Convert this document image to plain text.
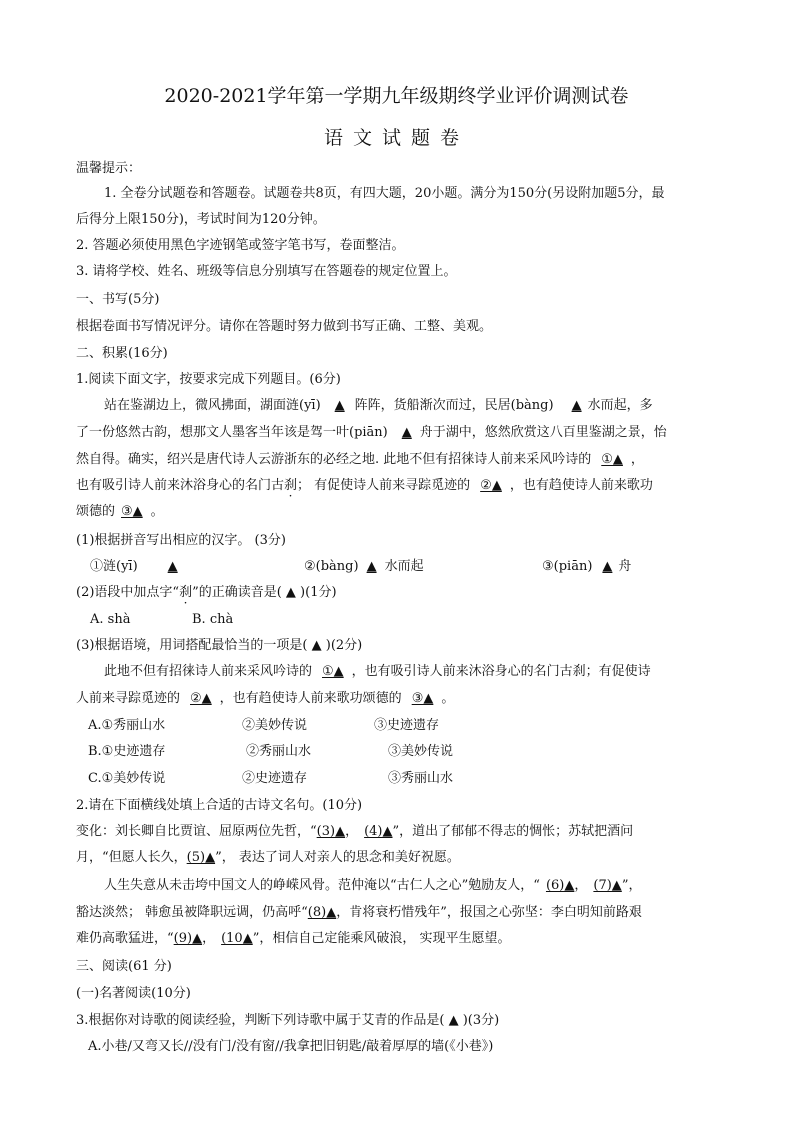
2020-2021学年第一学期九年级期终学业评价调测试卷
语文试题卷
温馨提示：
1. 全卷分试题卷和答题卷。试题卷共8页，有四大题，20小题。满分为150分(另设附加题5分，最
后得分上限150分)，考试时间为120分钟。
2. 答题必须使用黑色字迹钢笔或签字笔书写，卷面整洁。
3. 请将学校、姓名、班级等信息分别填写在答题卷的规定位置上。
一、书写(5分)
根据卷面书写情况评分。请你在答题时努力做到书写正确、工整、美观。
二、积累(16分)
1.阅读下面文字，按要求完成下列题目。(6分)
站在鉴湖边上，微风拂面，湖面涟(yī) ▲ 阵阵，货船渐次而过，民居(bàng) ▲ 水而起，多
了一份悠然古韵，想那文人墨客当年该是驾一叶(piān) ▲ 舟于湖中，悠然欣赏这八百里鉴湖之景，怡
然自得。确实，绍兴是唐代诗人云游浙东的必经之地. 此地不但有招徕诗人前来采风吟诗的 ①▲ ，
也有吸引诗人前来沐浴身心的名门古刹； 有促使诗人前来寻踪觅迹的 ②▲ ，也有趋使诗人前来歌功
颂德的 ③▲ 。
(1)根据拼音写出相应的汉字。 (3分)
①涟(yī) ▲	②(bàng) ▲ 水而起	③(piān) ▲ 舟
(2)语段中加点字“刹”的正确读音是( ▲ )(1分)
A. shà	B. chà
(3)根据语境，用词搭配最恰当的一项是( ▲ )(2分)
此地不但有招徕诗人前来采风吟诗的 ①▲ ，也有吸引诗人前来沐浴身心的名门古刹；有促使诗
人前来寻踪觅迹的 ②▲ ，也有趋使诗人前来歌功颂德的 ③▲ 。
A.①秀丽山水	②美妙传说	③史迹遗存
B.①史迹遗存	②秀丽山水	③美妙传说
C.①美妙传说	②史迹遗存	③秀丽山水
2.请在下面横线处填上合适的古诗文名句。(10分)
变化：刘长卿自比贾谊、屈原两位先哲，“(3)▲， (4)▲”，道出了郁郁不得志的惆怅；苏轼把酒问
月，“但愿人长久，(5)▲”， 表达了词人对亲人的思念和美好祝愿。
人生失意从未击垮中国文人的峥嵘风骨。范仲淹以“古仁人之心”勉励友人，“ (6)▲， (7)▲”，
豁达淡然； 韩愈虽被降职远调，仍高呼“(8)▲，肯将衰朽惜残年”，报国之心弥坚：李白明知前路艰
难仍高歌猛进，“(9)▲， (10▲”，相信自己定能乘风破浪， 实现平生愿望。
三、阅读(61 分)
(一)名著阅读(10分)
3.根据你对诗歌的阅读经验，判断下列诗歌中属于艾青的作品是( ▲ )(3分)
A.小巷/又弯又长//没有门/没有窗//我拿把旧钥匙/敲着厚厚的墙(《小巷》)
